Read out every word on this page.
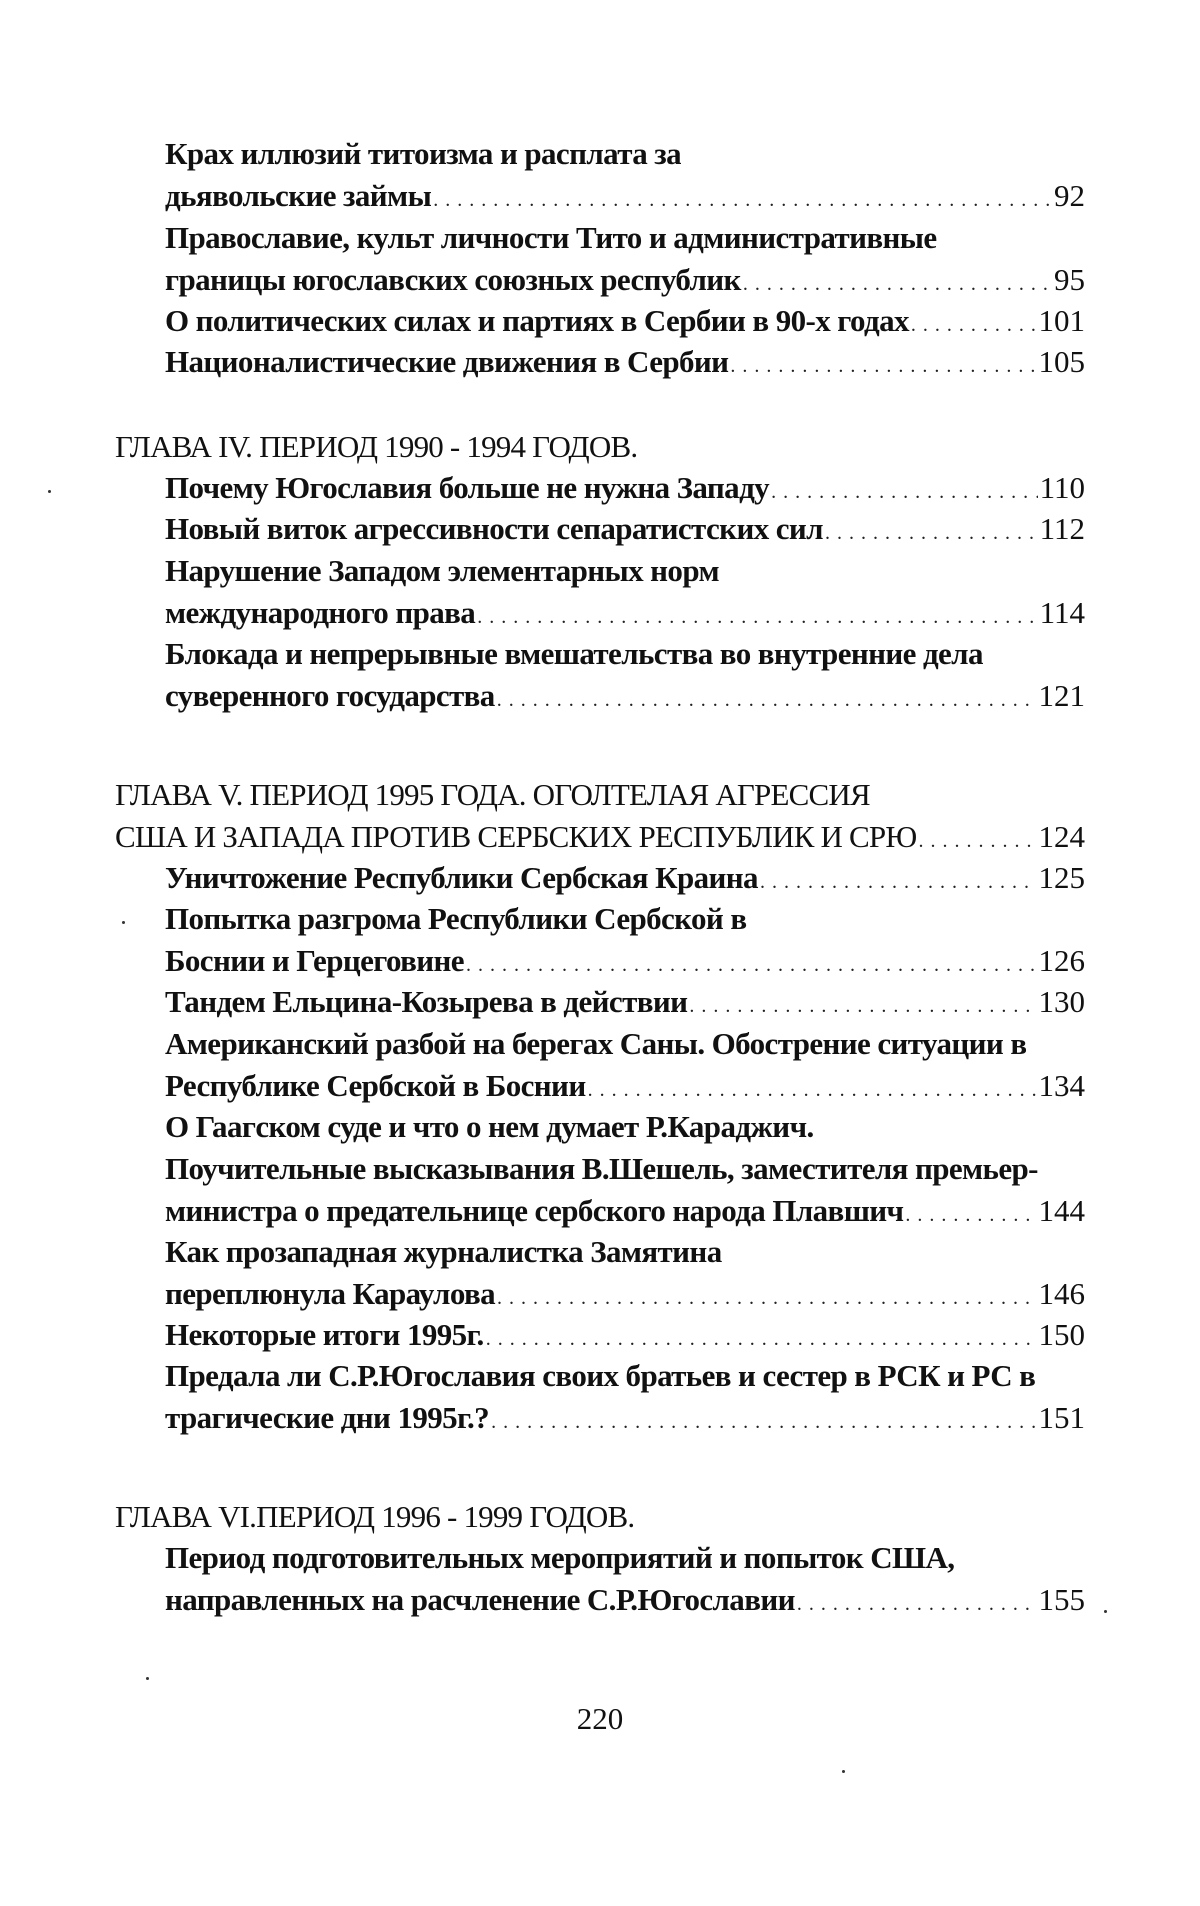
Крах иллюзий титоизма и расплата за
дьявольские займы . . .	92
Православие, культ личности Тито и административные
границы югославских союзных республик . . .	95
О политических силах и партиях в Сербии в 90-х годах . . .	101
Националистические движения в Сербии . . .	105
ГЛАВА IV. ПЕРИОД 1990 - 1994 ГОДОВ.
Почему Югославия больше не нужна Западу . . .	110
Новый виток агрессивности сепаратистских сил . . .	112
Нарушение Западом элементарных норм
международного права . . .	114
Блокада и непрерывные вмешательства во внутренние дела
суверенного государства . . .	121
ГЛАВА V. ПЕРИОД 1995 ГОДА. ОГОЛТЕЛАЯ АГРЕССИЯ
США И ЗАПАДА ПРОТИВ СЕРБСКИХ РЕСПУБЛИК И СРЮ . . .	124
Уничтожение Республики Сербская Краина . . .	125
Попытка разгрома Республики Сербской в
Боснии и Герцеговине . . .	126
Тандем Ельцина-Козырева в действии . . .	130
Американский разбой на берегах Саны. Обострение ситуации в
Республике Сербской в Боснии . . .	134
О Гаагском суде и что о нем думает Р.Караджич.
Поучительные высказывания В.Шешель, заместителя премьер-
министра о предательнице сербского народа Плавшич . . .	144
Как прозападная журналистка Замятина
переплюнула Караулова . . .	146
Некоторые итоги 1995г. . . .	150
Предала ли С.Р.Югославия своих братьев и сестер в РСК и РС в
трагические дни 1995г.? . . .	151
ГЛАВА VI.ПЕРИОД 1996 - 1999 ГОДОВ.
Период подготовительных мероприятий и попыток США,
направленных на расчленение С.Р.Югославии . . .	155
220
